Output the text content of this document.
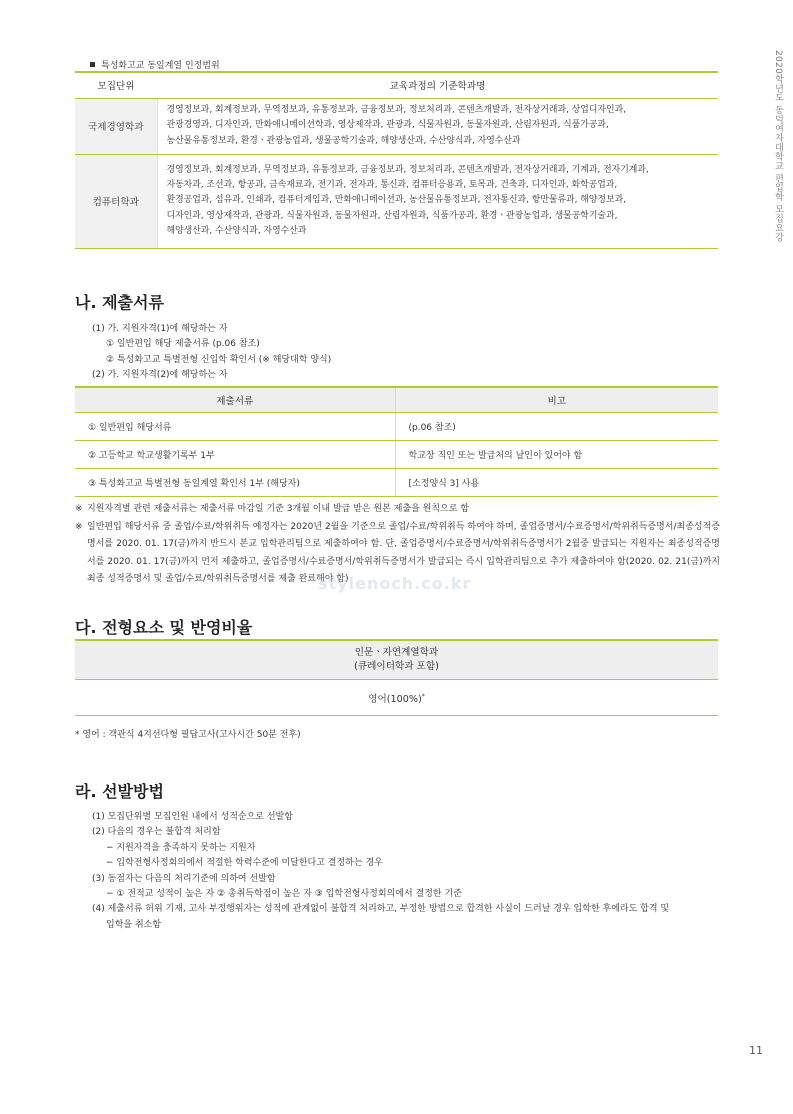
2020학년도 동덕여자대학교 편입학 모집요강
특성화고교 동일계열 인정범위
모집단위	교육과정의 기준학과명
국제경영학과	경영정보과, 회계정보과, 무역정보과, 유통정보과, 금융정보과, 정보처리과, 콘텐츠개발과, 전자상거래과, 상업디자인과,
관광경영과, 디자인과, 만화애니메이션학과, 영상제작과, 관광과, 식물자원과, 동물자원과, 산림자원과, 식품가공과,
농산물유통정보과, 환경ㆍ관광농업과, 생물공학기술과, 해양생산과, 수산양식과, 자영수산과

컴퓨터학과	경영정보과, 회계정보과, 무역정보과, 유통정보과, 금융정보과, 정보처리과, 콘텐츠개발과, 전자상거래과, 기계과, 전자기계과,
자동차과, 조선과, 항공과, 금속재료과, 전기과, 전자과, 통신과, 컴퓨터응용과, 토목과, 건축과, 디자인과, 화학공업과,
환경공업과, 섬유과, 인쇄과, 컴퓨터게임과, 만화애니메이션과, 농산물유통정보과, 전자통신과, 항만물류과, 해양정보과,
디자인과, 영상제작과, 관광과, 식물자원과, 동물자원과, 산림자원과, 식품가공과, 환경ㆍ관광농업과, 생물공학기술과,
해양생산과, 수산양식과, 자영수산과
나. 제출서류
(1) 가. 지원자격(1)에 해당하는 자
① 일반편입 해당 제출서류 (p.06 참조)
② 특성화고교 특별전형 신입학 확인서 (※ 해당대학 양식)
(2) 가. 지원자격(2)에 해당하는 자
제출서류	비고
① 일반편입 해당서류	(p.06 참조)
② 고등학교 학교생활기록부 1부	학교장 직인 또는 발급처의 날인이 있어야 함
③ 특성화고교 특별전형 동일계열 확인서 1부 (해당자)	[소정양식 3] 사용
※ 지원자격별 관련 제출서류는 제출서류 마감일 기준 3개월 이내 발급 받은 원본 제출을 원칙으로 함
※ 일반편입 해당서류 중 졸업/수료/학위취득 예정자는 2020년 2월을 기준으로 졸업/수료/학위취득 하여야 하며, 졸업증명서/수료증명서/학위취득증명서/최종성적증명서를 2020. 01. 17(금)까지 반드시 본교 입학관리팀으로 제출하여야 함. 단, 졸업증명서/수료증명서/학위취득증명서가 2월중 발급되는 지원자는 최종성적증명서를 2020. 01. 17(금)까지 먼저 제출하고, 졸업증명서/수료증명서/학위취득증명서가 발급되는 즉시 입학관리팀으로 추가 제출하여야 함(2020. 02. 21(금)까지 최종 성적증명서 및 졸업/수료/학위취득증명서를 제출 완료해야 함)
stylenoch.co.kr
다. 전형요소 및 반영비율
인문ㆍ자연계열학과
(큐레이터학과 포함)

영어(100%)*
* 영어 : 객관식 4지선다형 필답고사(고사시간 50분 전후)
라. 선발방법
(1) 모집단위별 모집인원 내에서 성적순으로 선발함
(2) 다음의 경우는 불합격 처리함
− 지원자격을 충족하지 못하는 지원자
− 입학전형사정회의에서 적절한 학력수준에 미달한다고 결정하는 경우
(3) 동점자는 다음의 처리기준에 의하여 선발함
− ① 전적교 성적이 높은 자 ② 총취득학점이 높은 자 ③ 입학전형사정회의에서 결정한 기준
(4) 제출서류 허위 기재, 고사 부정행위자는 성적에 관계없이 불합격 처리하고, 부정한 방법으로 합격한 사실이 드러날 경우 입학한 후에라도 합격 및
입학을 취소함
11
